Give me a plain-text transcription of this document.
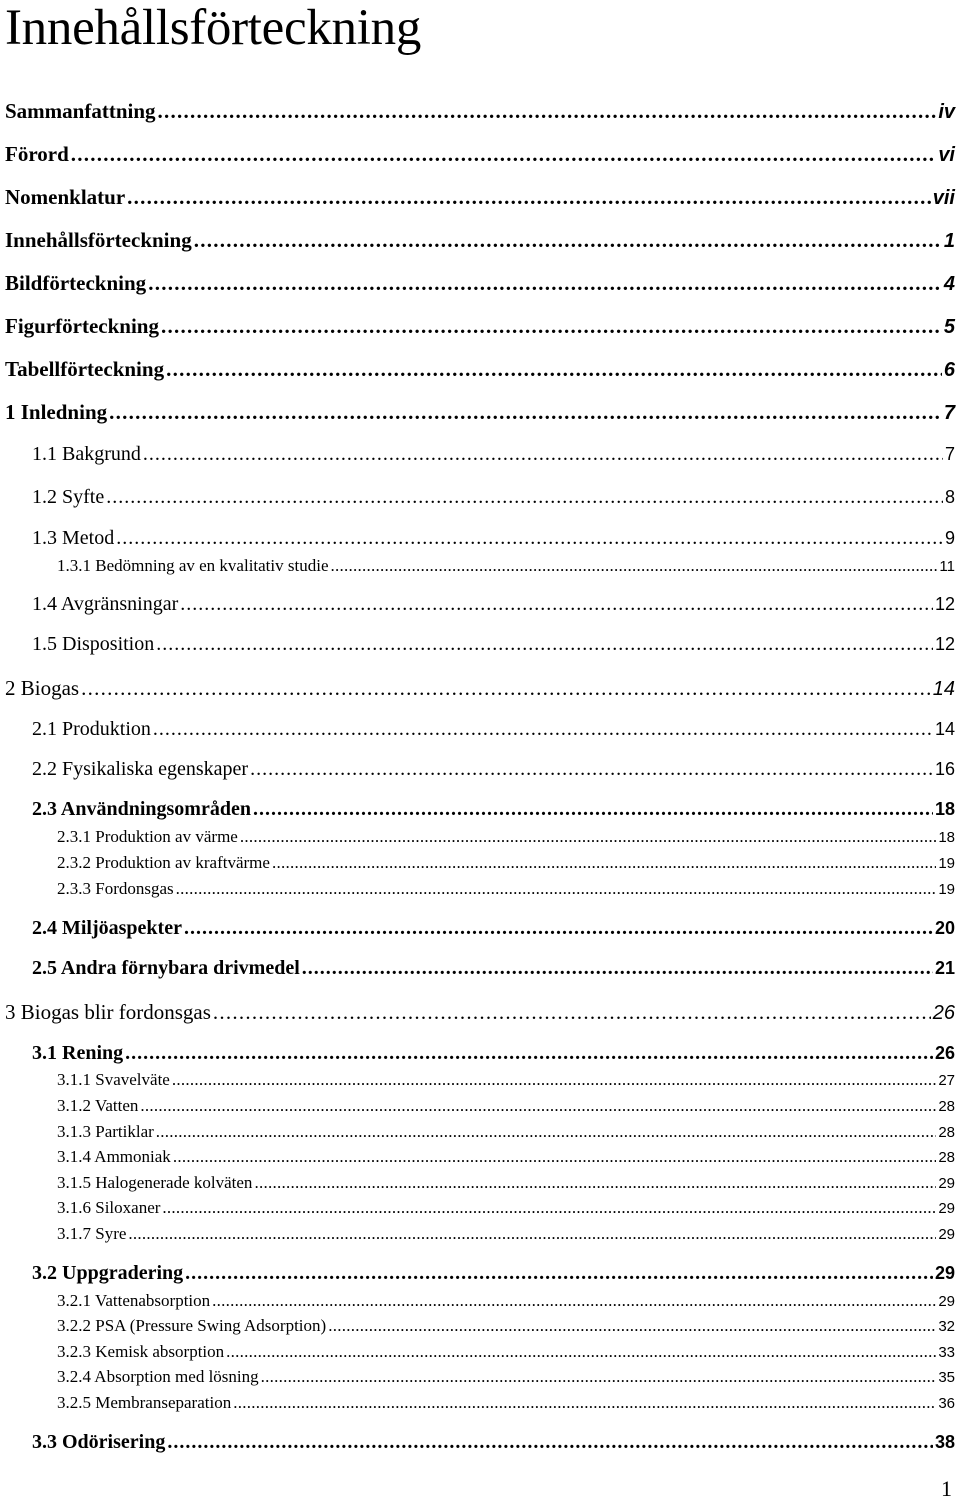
Innehållsförteckning
Sammanfattning . . .	iv
Förord . . .	vi
Nomenklatur . . .	vii
Innehållsförteckning . . .	1
Bildförteckning . . .	4
Figurförteckning . . .	5
Tabellförteckning . . .	6
1 Inledning . . .	7
1.1 Bakgrund . . .	7
1.2 Syfte . . .	8
1.3 Metod . . .	9
1.3.1 Bedömning av en kvalitativ studie . . .	11
1.4 Avgränsningar . . .	12
1.5 Disposition . . .	12
2 Biogas . . .	14
2.1 Produktion . . .	14
2.2 Fysikaliska egenskaper . . .	16
2.3 Användningsområden . . .	18
2.3.1 Produktion av värme . . .	18
2.3.2 Produktion av kraftvärme . . .	19
2.3.3 Fordonsgas . . .	19
2.4 Miljöaspekter . . .	20
2.5 Andra förnybara drivmedel . . .	21
3 Biogas blir fordonsgas . . .	26
3.1 Rening . . .	26
3.1.1 Svavelväte . . .	27
3.1.2 Vatten . . .	28
3.1.3 Partiklar . . .	28
3.1.4 Ammoniak . . .	28
3.1.5 Halogenerade kolväten . . .	29
3.1.6 Siloxaner . . .	29
3.1.7 Syre . . .	29
3.2 Uppgradering . . .	29
3.2.1 Vattenabsorption . . .	29
3.2.2 PSA (Pressure Swing Adsorption) . . .	32
3.2.3 Kemisk absorption . . .	33
3.2.4 Absorption med lösning . . .	35
3.2.5 Membranseparation . . .	36
3.3 Odörisering . . .	38
1
